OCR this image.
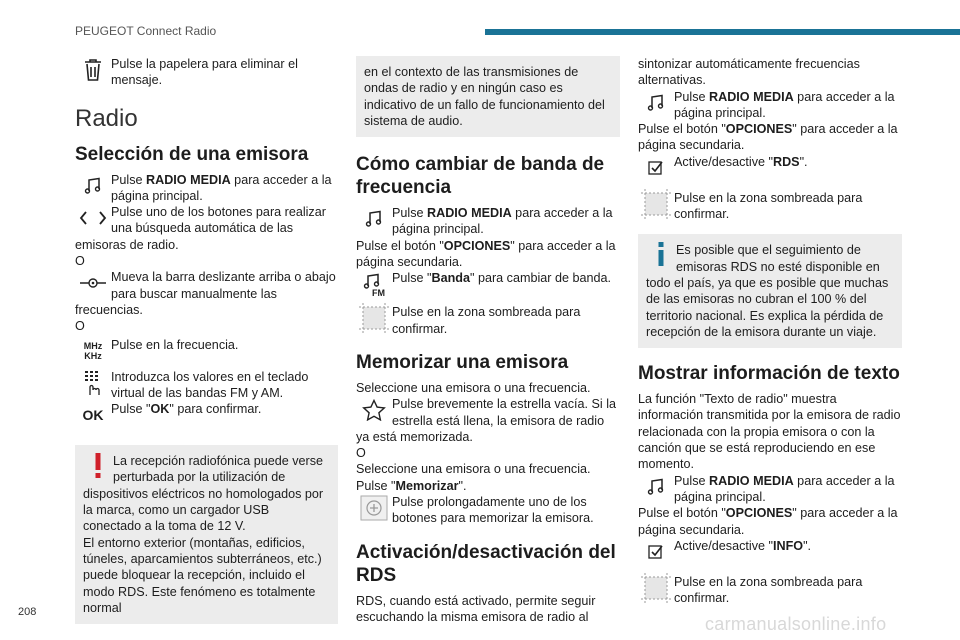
PEUGEOT Connect Radio
208
carmanualsonline.info

Pulse la papelera para eliminar el mensaje.

Radio
Selección de una emisora

Pulse RADIO MEDIA para acceder a la página principal.

Pulse uno de los botones para realizar una búsqueda automática de las emisoras de radio.

O

Mueva la barra deslizante arriba o abajo para buscar manualmente las frecuencias.

O

MHz
KHz

Pulse en la frecuencia.

Introduzca los valores en el teclado virtual de las bandas FM y AM.

OK Pulse "OK" para confirmar.

La recepción radiofónica puede verse perturbada por la utilización de dispositivos eléctricos no homologados por la marca, como un cargador USB conectado a la toma de 12 V.

El entorno exterior (montañas, edificios, túneles, aparcamientos subterráneos, etc.) puede bloquear la recepción, incluido el modo RDS. Este fenómeno es totalmente normal

en el contexto de las transmisiones de ondas de radio y en ningún caso es indicativo de un fallo de funcionamiento del sistema de audio.

Cómo cambiar de banda de frecuencia

Pulse RADIO MEDIA para acceder a la página principal.

Pulse el botón "OPCIONES" para acceder a la página secundaria.

FM

Pulse "Banda" para cambiar de banda.

Pulse en la zona sombreada para confirmar.

Memorizar una emisora

Seleccione una emisora o una frecuencia.

Pulse brevemente la estrella vacía. Si la estrella está llena, la emisora de radio ya está memorizada.

O

Seleccione una emisora o una frecuencia.

Pulse "Memorizar".

Pulse prolongadamente uno de los botones para memorizar la emisora.

Activación/desactivación del RDS

RDS, cuando está activado, permite seguir escuchando la misma emisora de radio al

sintonizar automáticamente frecuencias alternativas.

Pulse RADIO MEDIA para acceder a la página principal.

Pulse el botón "OPCIONES" para acceder a la página secundaria.

Active/desactive "RDS".

Pulse en la zona sombreada para confirmar.

Es posible que el seguimiento de emisoras RDS no esté disponible en todo el país, ya que es posible que muchas de las emisoras no cubran el 100 % del territorio nacional. Es explica la pérdida de recepción de la emisora durante un viaje.

Mostrar información de texto

La función "Texto de radio" muestra información transmitida por la emisora de radio relacionada con la propia emisora o con la canción que se está reproduciendo en ese momento.

Pulse RADIO MEDIA para acceder a la página principal.

Pulse el botón "OPCIONES" para acceder a la página secundaria.

Active/desactive "INFO".

Pulse en la zona sombreada para confirmar.
